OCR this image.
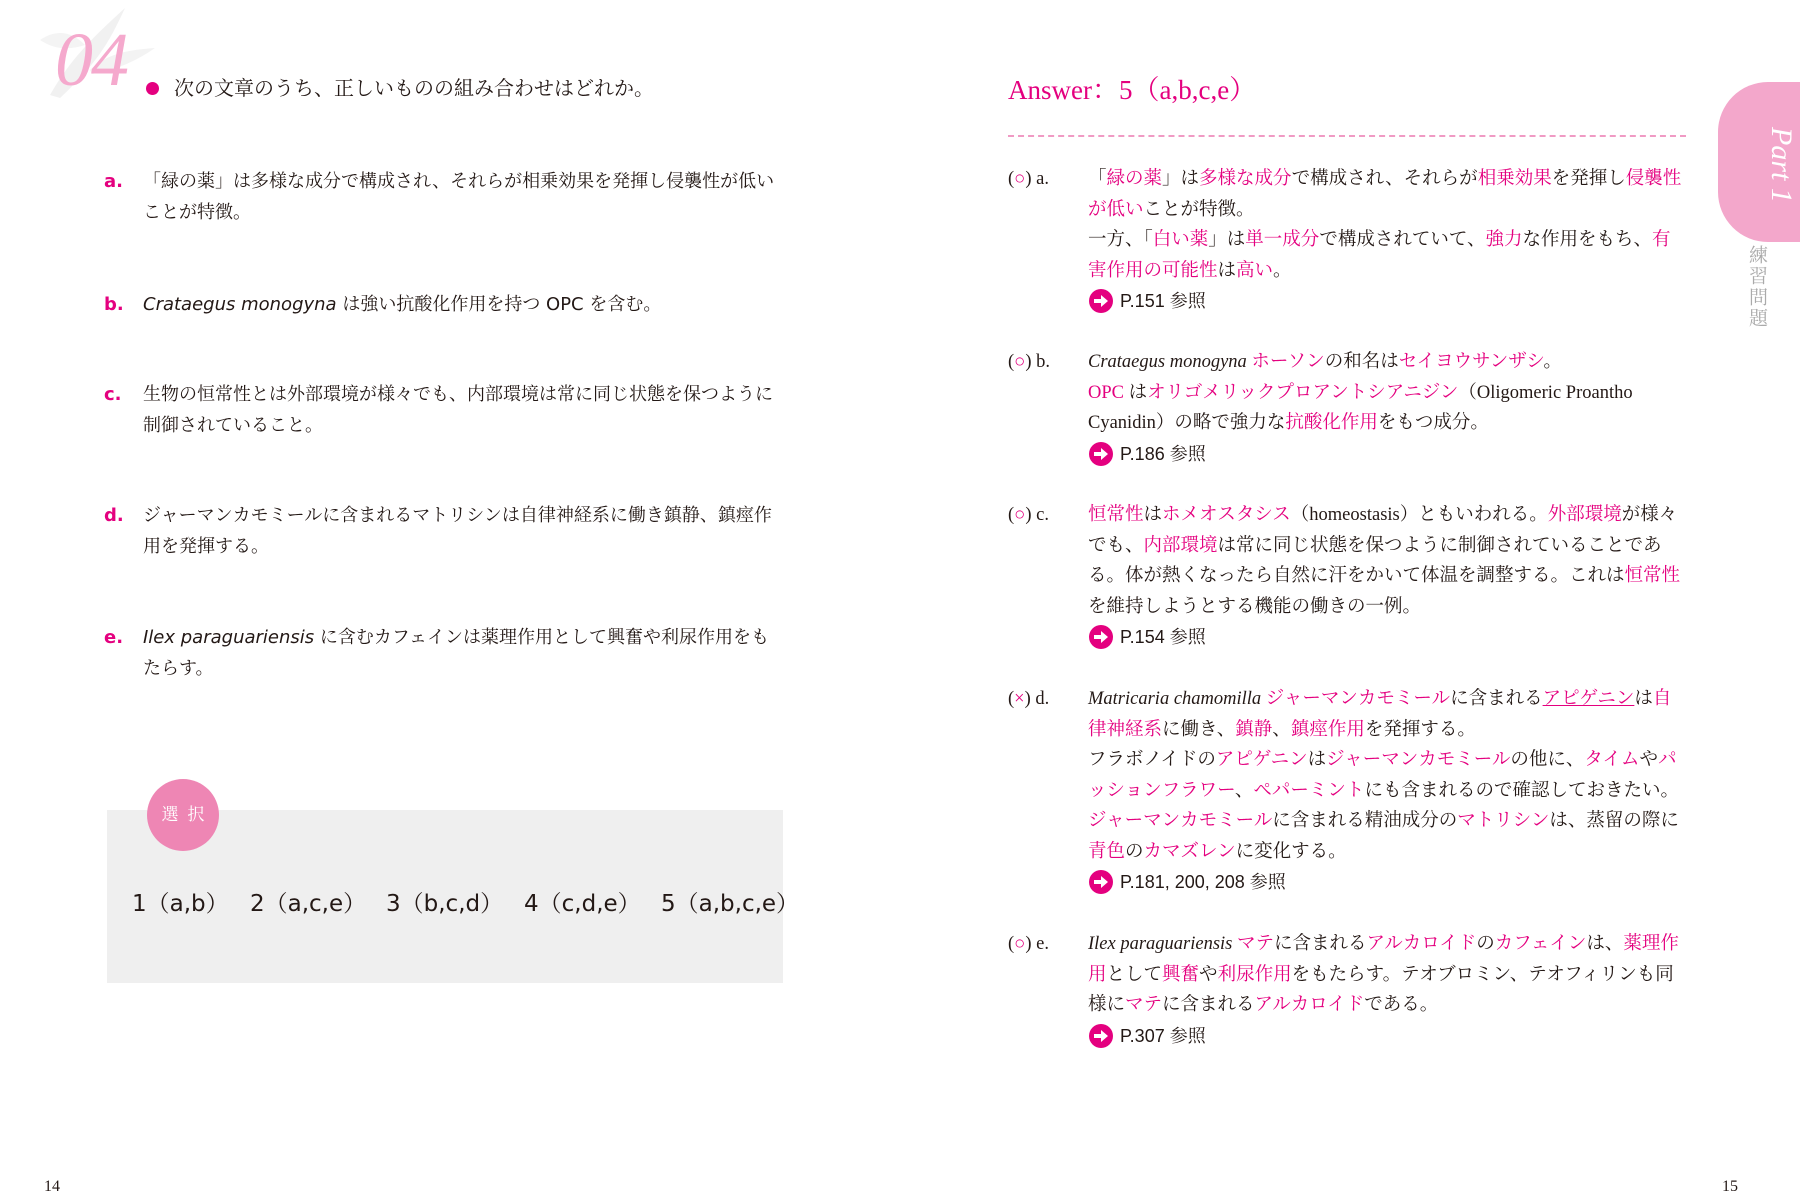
04 次の文章のうち、正しいものの組み合わせはどれか。
a. 「緑の薬」は多様な成分で構成され、それらが相乗効果を発揮し侵襲性が低いことが特徴。
b. Crataegus monogyna は強い抗酸化作用を持つ OPC を含む。
c. 生物の恒常性とは外部環境が様々でも、内部環境は常に同じ状態を保つように制御されていること。
d. ジャーマンカモミールに含まれるマトリシンは自律神経系に働き鎮静、鎮痙作用を発揮する。
e. Ilex paraguariensis に含むカフェインは薬理作用として興奮や利尿作用をもたらす。
選択
1（a,b） 2（a,c,e） 3（b,c,d） 4（c,d,e） 5（a,b,c,e）
14
Answer：5（a,b,c,e）
(○) a. 「緑の薬」は多様な成分で構成され、それらが相乗効果を発揮し侵襲性が低いことが特徴。
一方、「白い薬」は単一成分で構成されていて、強力な作用をもち、有害作用の可能性は高い。
P.151 参照
(○) b. Crataegus monogyna ホーソンの和名はセイヨウサンザシ。
OPC はオリゴメリックプロアントシアニジン（Oligomeric Proantho Cyanidin）の略で強力な抗酸化作用をもつ成分。
P.186 参照
(○) c. 恒常性はホメオスタシス（homeostasis）ともいわれる。外部環境が様々でも、内部環境は常に同じ状態を保つように制御されていることである。体が熱くなったら自然に汗をかいて体温を調整する。これは恒常性を維持しようとする機能の働きの一例。
P.154 参照
(×) d. Matricaria chamomilla ジャーマンカモミールに含まれるアピゲニンは自律神経系に働き、鎮静、鎮痙作用を発揮する。
フラボノイドのアピゲニンはジャーマンカモミールの他に、タイムやパッションフラワー、ペパーミントにも含まれるので確認しておきたい。ジャーマンカモミールに含まれる精油成分のマトリシンは、蒸留の際に青色のカマズレンに変化する。
P.181, 200, 208 参照
(○) e. Ilex paraguariensis マテに含まれるアルカロイドのカフェインは、薬理作用として興奮や利尿作用をもたらす。テオブロミン、テオフィリンも同様にマテに含まれるアルカロイドである。
P.307 参照
Part 1
練習問題
15
